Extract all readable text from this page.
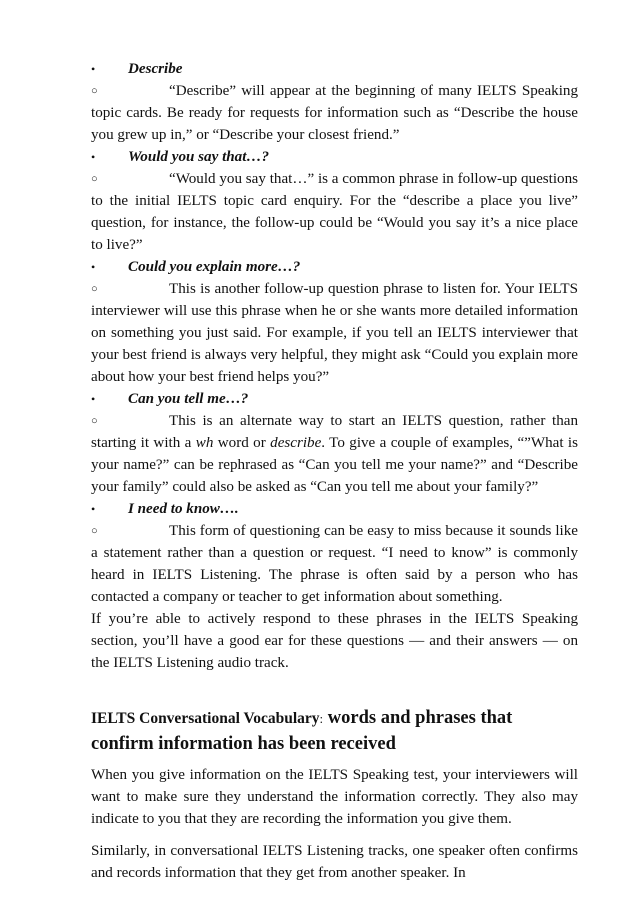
• Describe

○	“Describe” will appear at the beginning of many IELTS Speaking topic cards. Be ready for requests for information such as “Describe the house you grew up in,” or “Describe your closest friend.”

• Would you say that…?

○	“Would you say that…” is a common phrase in follow-up questions to the initial IELTS topic card enquiry. For the “describe a place you live” question, for instance, the follow-up could be “Would you say it’s a nice place to live?”

• Could you explain more…?

○	This is another follow-up question phrase to listen for. Your IELTS interviewer will use this phrase when he or she wants more detailed information on something you just said. For example, if you tell an IELTS interviewer that your best friend is always very helpful, they might ask “Could you explain more about how your best friend helps you?”

• Can you tell me…?

○	This is an alternate way to start an IELTS question, rather than starting it with a wh word or describe. To give a couple of examples, “”What is your name?” can be rephrased as “Can you tell me your name?” and “Describe your family” could also be asked as “Can you tell me about your family?”

• I need to know….

○	This form of questioning can be easy to miss because it sounds like a statement rather than a question or request. “I need to know” is commonly heard in IELTS Listening. The phrase is often said by a person who has contacted a company or teacher to get information about something.

If you’re able to actively respond to these phrases in the IELTS Speaking section, you’ll have a good ear for these questions — and their answers — on the IELTS Listening audio track.

IELTS Conversational Vocabulary: words and phrases that confirm information has been received

When you give information on the IELTS Speaking test, your interviewers will want to make sure they understand the information correctly. They also may indicate to you that they are recording the information you give them.

Similarly, in conversational IELTS Listening tracks, one speaker often confirms and records information that they get from another speaker. In
